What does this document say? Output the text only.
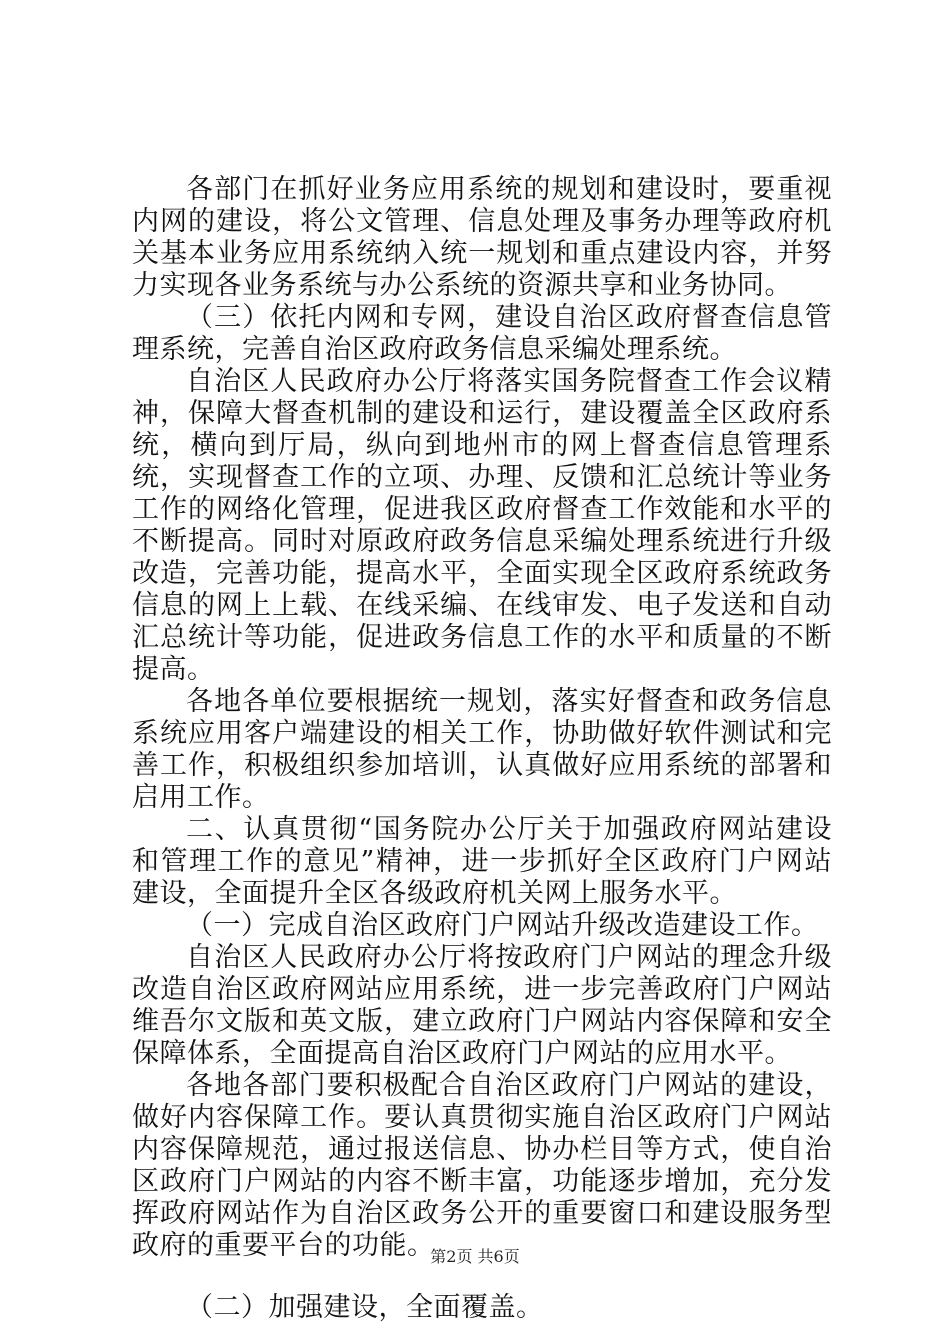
各部门在抓好业务应用系统的规划和建设时，要重视内网的建设，将公文管理、信息处理及事务办理等政府机关基本业务应用系统纳入统一规划和重点建设内容，并努力实现各业务系统与办公系统的资源共享和业务协同。

（三）依托内网和专网，建设自治区政府督查信息管理系统，完善自治区政府政务信息采编处理系统。

自治区人民政府办公厅将落实国务院督查工作会议精神，保障大督查机制的建设和运行，建设覆盖全区政府系统，横向到厅局，纵向到地州市的网上督查信息管理系统，实现督查工作的立项、办理、反馈和汇总统计等业务工作的网络化管理，促进我区政府督查工作效能和水平的不断提高。同时对原政府政务信息采编处理系统进行升级改造，完善功能，提高水平，全面实现全区政府系统政务信息的网上上载、在线采编、在线审发、电子发送和自动汇总统计等功能，促进政务信息工作的水平和质量的不断提高。

各地各单位要根据统一规划，落实好督查和政务信息系统应用客户端建设的相关工作，协助做好软件测试和完善工作，积极组织参加培训，认真做好应用系统的部署和启用工作。

二、认真贯彻“国务院办公厅关于加强政府网站建设和管理工作的意见”精神，进一步抓好全区政府门户网站建设，全面提升全区各级政府机关网上服务水平。

（一）完成自治区政府门户网站升级改造建设工作。

自治区人民政府办公厅将按政府门户网站的理念升级改造自治区政府网站应用系统，进一步完善政府门户网站维吾尔文版和英文版，建立政府门户网站内容保障和安全保障体系，全面提高自治区政府门户网站的应用水平。

各地各部门要积极配合自治区政府门户网站的建设，做好内容保障工作。要认真贯彻实施自治区政府门户网站内容保障规范，通过报送信息、协办栏目等方式，使自治区政府门户网站的内容不断丰富，功能逐步增加，充分发挥政府网站作为自治区政务公开的重要窗口和建设服务型政府的重要平台的功能。

（二）加强建设，全面覆盖。

第2页 共6页
